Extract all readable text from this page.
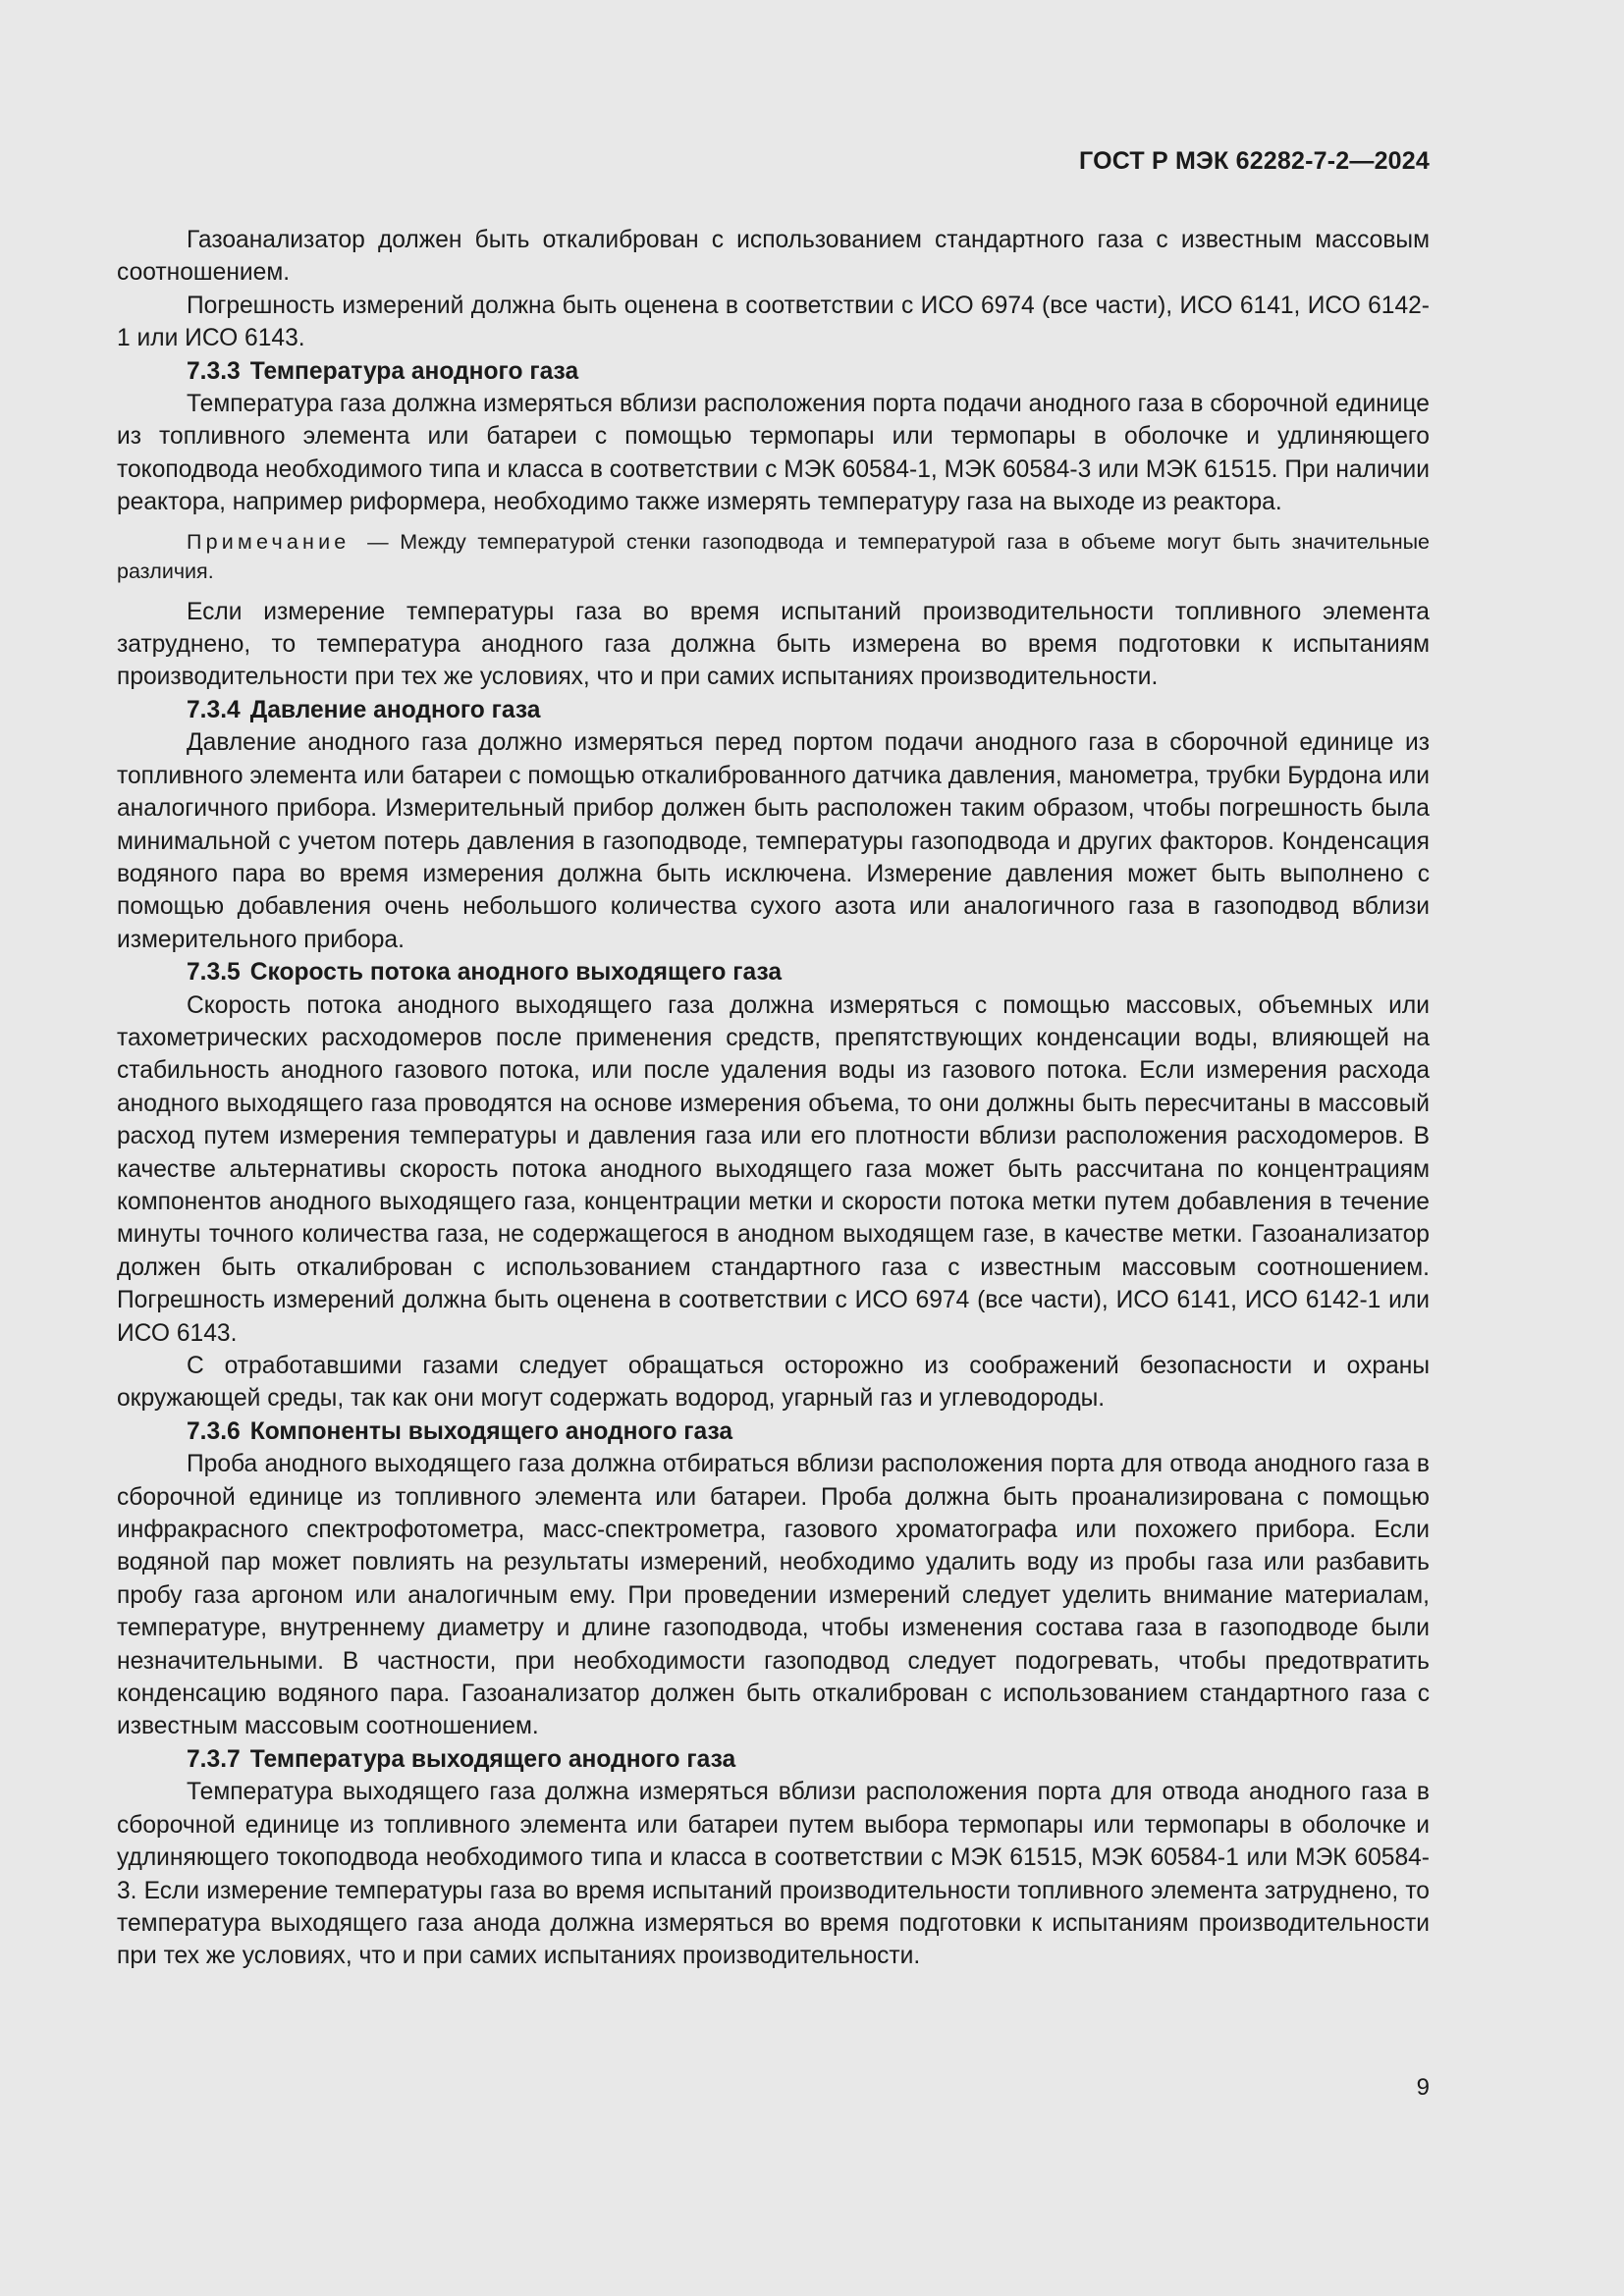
ГОСТ Р МЭК 62282-7-2—2024

Газоанализатор должен быть откалиброван с использованием стандартного газа с известным массовым соотношением.

Погрешность измерений должна быть оценена в соответствии с ИСО 6974 (все части), ИСО 6141, ИСО 6142-1 или ИСО 6143.

7.3.3 Температура анодного газа

Температура газа должна измеряться вблизи расположения порта подачи анодного газа в сборочной единице из топливного элемента или батареи с помощью термопары или термопары в оболочке и удлиняющего токоподвода необходимого типа и класса в соответствии с МЭК 60584-1, МЭК 60584-3 или МЭК 61515. При наличии реактора, например риформера, необходимо также измерять температуру газа на выходе из реактора.

Примечание — Между температурой стенки газоподвода и температурой газа в объеме могут быть значительные различия.

Если измерение температуры газа во время испытаний производительности топливного элемента затруднено, то температура анодного газа должна быть измерена во время подготовки к испытаниям производительности при тех же условиях, что и при самих испытаниях производительности.

7.3.4 Давление анодного газа

Давление анодного газа должно измеряться перед портом подачи анодного газа в сборочной единице из топливного элемента или батареи с помощью откалиброванного датчика давления, манометра, трубки Бурдона или аналогичного прибора. Измерительный прибор должен быть расположен таким образом, чтобы погрешность была минимальной с учетом потерь давления в газоподводе, температуры газоподвода и других факторов. Конденсация водяного пара во время измерения должна быть исключена. Измерение давления может быть выполнено с помощью добавления очень небольшого количества сухого азота или аналогичного газа в газоподвод вблизи измерительного прибора.

7.3.5 Скорость потока анодного выходящего газа

Скорость потока анодного выходящего газа должна измеряться с помощью массовых, объемных или тахометрических расходомеров после применения средств, препятствующих конденсации воды, влияющей на стабильность анодного газового потока, или после удаления воды из газового потока. Если измерения расхода анодного выходящего газа проводятся на основе измерения объема, то они должны быть пересчитаны в массовый расход путем измерения температуры и давления газа или его плотности вблизи расположения расходомеров. В качестве альтернативы скорость потока анодного выходящего газа может быть рассчитана по концентрациям компонентов анодного выходящего газа, концентрации метки и скорости потока метки путем добавления в течение минуты точного количества газа, не содержащегося в анодном выходящем газе, в качестве метки. Газоанализатор должен быть откалиброван с использованием стандартного газа с известным массовым соотношением. Погрешность измерений должна быть оценена в соответствии с ИСО 6974 (все части), ИСО 6141, ИСО 6142-1 или ИСО 6143.

С отработавшими газами следует обращаться осторожно из соображений безопасности и охраны окружающей среды, так как они могут содержать водород, угарный газ и углеводороды.

7.3.6 Компоненты выходящего анодного газа

Проба анодного выходящего газа должна отбираться вблизи расположения порта для отвода анодного газа в сборочной единице из топливного элемента или батареи. Проба должна быть проанализирована с помощью инфракрасного спектрофотометра, масс-спектрометра, газового хроматографа или похожего прибора. Если водяной пар может повлиять на результаты измерений, необходимо удалить воду из пробы газа или разбавить пробу газа аргоном или аналогичным ему. При проведении измерений следует уделить внимание материалам, температуре, внутреннему диаметру и длине газоподвода, чтобы изменения состава газа в газоподводе были незначительными. В частности, при необходимости газоподвод следует подогревать, чтобы предотвратить конденсацию водяного пара. Газоанализатор должен быть откалиброван с использованием стандартного газа с известным массовым соотношением.

7.3.7 Температура выходящего анодного газа

Температура выходящего газа должна измеряться вблизи расположения порта для отвода анодного газа в сборочной единице из топливного элемента или батареи путем выбора термопары или термопары в оболочке и удлиняющего токоподвода необходимого типа и класса в соответствии с МЭК 61515, МЭК 60584-1 или МЭК 60584-3. Если измерение температуры газа во время испытаний производительности топливного элемента затруднено, то температура выходящего газа анода должна измеряться во время подготовки к испытаниям производительности при тех же условиях, что и при самих испытаниях производительности.

9
